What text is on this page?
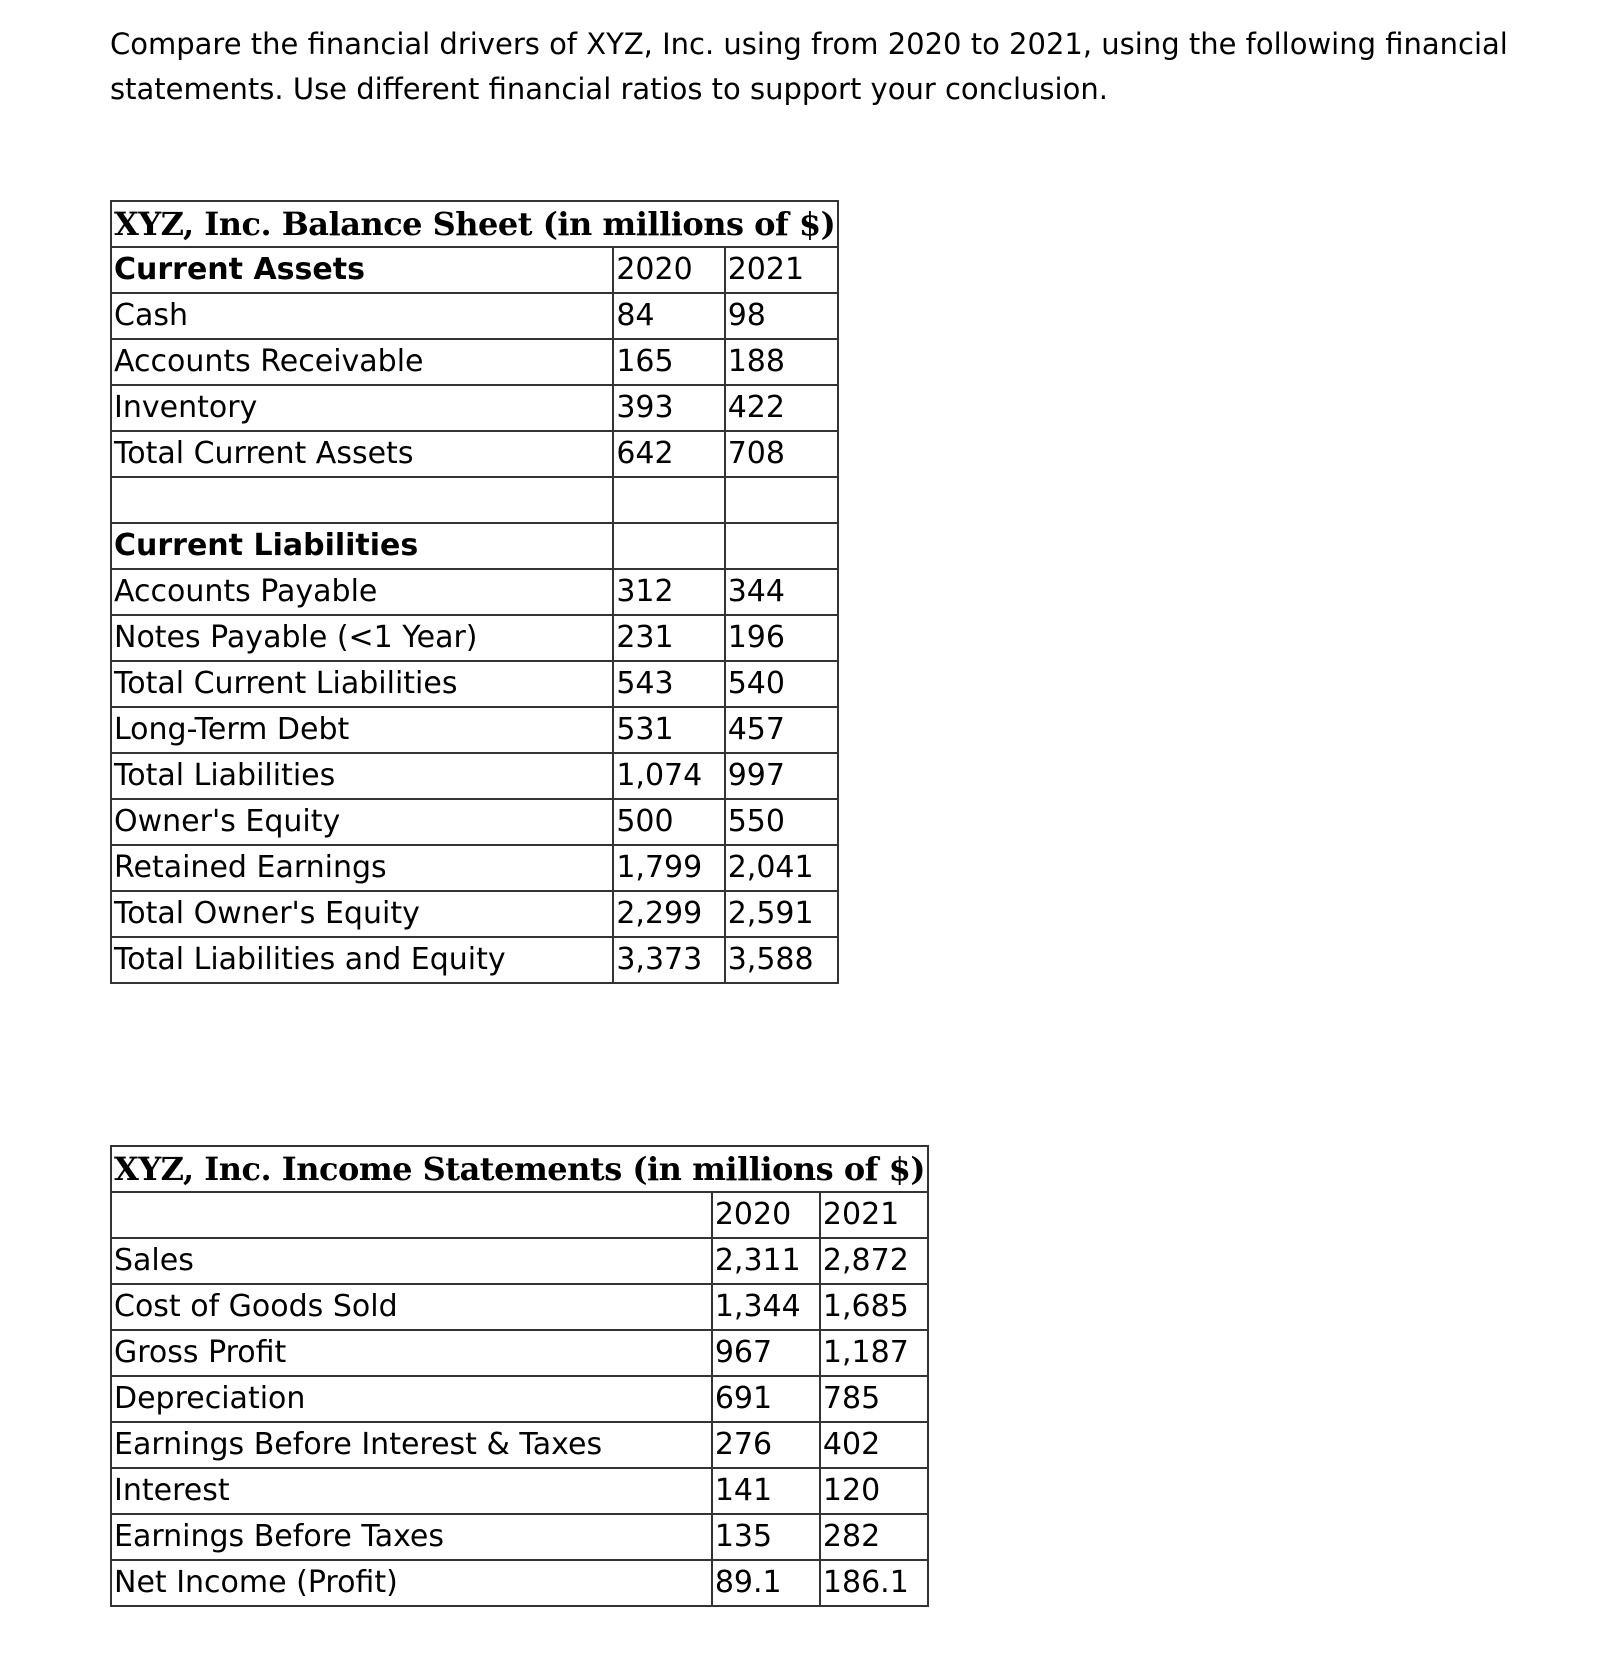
Compare the financial drivers of XYZ, Inc. using from 2020 to 2021, using the following financial statements. Use different financial ratios to support your conclusion.

XYZ, Inc. Balance Sheet (in millions of $)		
Current Assets	2020	2021
Cash	84	98
Accounts Receivable	165	188
Inventory	393	422
Total Current Assets	642	708

Current Liabilities		
Accounts Payable	312	344
Notes Payable (<1 Year)	231	196
Total Current Liabilities	543	540
Long-Term Debt	531	457
Total Liabilities	1,074	997
Owner's Equity	500	550
Retained Earnings	1,799	2,041
Total Owner's Equity	2,299	2,591
Total Liabilities and Equity	3,373	3,588
XYZ, Inc. Income Statements (in millions of $)		
	2020	2021
Sales	2,311	2,872
Cost of Goods Sold	1,344	1,685
Gross Profit	967	1,187
Depreciation	691	785
Earnings Before Interest & Taxes	276	402
Interest	141	120
Earnings Before Taxes	135	282
Net Income (Profit)	89.1	186.1
